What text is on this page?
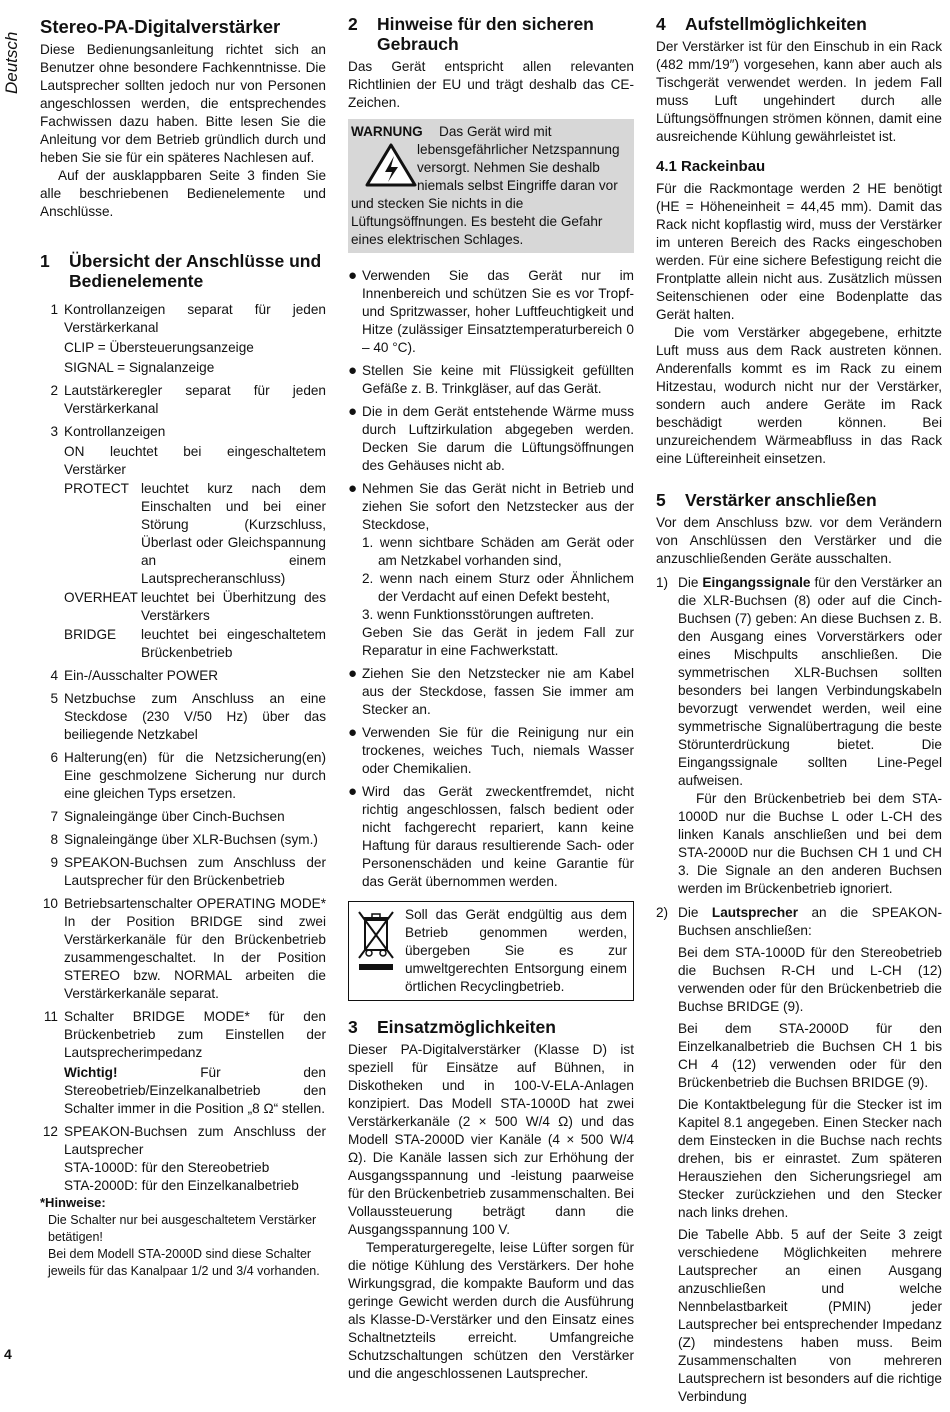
Deutsch
4
Stereo-PA-Digitalverstärker

Diese Bedienungsanleitung richtet sich an Benutzer ohne besondere Fachkenntnisse. Die Lautsprecher sollten jedoch nur von Personen angeschlossen werden, die entsprechendes Fachwissen dazu haben. Bitte lesen Sie die Anleitung vor dem Betrieb gründlich durch und heben Sie sie für ein späteres Nachlesen auf.

Auf der ausklappbaren Seite 3 finden Sie alle beschriebenen Bedienelemente und Anschlüsse.

1	Übersicht der Anschlüsse und Bedienelemente
1 Kontrollanzeigen separat für jeden Verstärkerkanal
CLIP = Übersteuerungsanzeige
SIGNAL = Signalanzeige
2 Lautstärkeregler separat für jeden Verstärkerkanal
3 Kontrollanzeigen
ON leuchtet bei eingeschaltetem Verstärker
PROTECT leuchtet kurz nach dem Einschalten und bei einer Störung (Kurzschluss, Überlast oder Gleichspannung an einem Lautsprecheranschluss)
OVERHEAT leuchtet bei Überhitzung des Verstärkers
BRIDGE	leuchtet bei eingeschaltetem Brückenbetrieb
4 Ein-/Ausschalter POWER
5 Netzbuchse zum Anschluss an eine Steckdose (230 V/50 Hz) über das beiliegende Netzkabel
6 Halterung(en) für die Netzsicherung(en) Eine geschmolzene Sicherung nur durch eine gleichen Typs ersetzen.
7 Signaleingänge über Cinch-Buchsen
8 Signaleingänge über XLR-Buchsen (sym.)
9 SPEAKON-Buchsen zum Anschluss der Lautsprecher für den Brückenbetrieb
10 Betriebsartenschalter OPERATING MODE* In der Position BRIDGE sind zwei Verstärkerkanäle für den Brückenbetrieb zusammengeschaltet. In der Position STEREO bzw. NORMAL arbeiten die Verstärkerkanäle separat.
11 Schalter BRIDGE MODE* für den Brückenbetrieb zum Einstellen der Lautsprecherimpedanz
Wichtig!	Für den Stereobetrieb/Einzelkanalbetrieb den Schalter immer in die Position „8 Ω“ stellen.
12 SPEAKON-Buchsen zum Anschluss der Lautsprecher
STA-1000D: für den Stereobetrieb
STA-2000D: für den Einzelkanalbetrieb
*Hinweise:
Die Schalter nur bei ausgeschaltetem Verstärker betätigen!
Bei dem Modell STA-2000D sind diese Schalter jeweils für das Kanalpaar 1/2 und 3/4 vorhanden.
2	Hinweise für den sicheren Gebrauch

Das Gerät entspricht allen relevanten Richtlinien der EU und trägt deshalb das CE-Zeichen.

WARNUNG	Das Gerät wird mit lebensgefährlicher Netzspannung versorgt. Nehmen Sie deshalb niemals selbst Eingriffe daran vor und stecken Sie nichts in die Lüftungsöffnungen. Es besteht die Gefahr eines elektrischen Schlages.
● Verwenden Sie das Gerät nur im Innenbereich und schützen Sie es vor Tropf- und Spritzwasser, hoher Luftfeuchtigkeit und Hitze (zulässiger Einsatztemperaturbereich 0 – 40 °C).
● Stellen Sie keine mit Flüssigkeit gefüllten Gefäße z. B. Trinkgläser, auf das Gerät.
● Die in dem Gerät entstehende Wärme muss durch Luftzirkulation abgegeben werden. Decken Sie darum die Lüftungsöffnungen des Gehäuses nicht ab.
● Nehmen Sie das Gerät nicht in Betrieb und ziehen Sie sofort den Netzstecker aus der Steckdose,
1. wenn sichtbare Schäden am Gerät oder am Netzkabel vorhanden sind,
2. wenn nach einem Sturz oder Ähnlichem der Verdacht auf einen Defekt besteht,
3. wenn Funktionsstörungen auftreten.
Geben Sie das Gerät in jedem Fall zur Reparatur in eine Fachwerkstatt.
● Ziehen Sie den Netzstecker nie am Kabel aus der Steckdose, fassen Sie immer am Stecker an.
● Verwenden Sie für die Reinigung nur ein trockenes, weiches Tuch, niemals Wasser oder Chemikalien.
● Wird das Gerät zweckentfremdet, nicht richtig angeschlossen, falsch bedient oder nicht fachgerecht repariert, kann keine Haftung für daraus resultierende Sach- oder Personenschäden und keine Garantie für das Gerät übernommen werden.
Soll das Gerät endgültig aus dem Betrieb genommen werden, übergeben Sie es zur umweltgerechten Entsorgung einem örtlichen Recyclingbetrieb.
3	Einsatzmöglichkeiten

Dieser PA-Digitalverstärker (Klasse D) ist speziell für Einsätze auf Bühnen, in Diskotheken und in 100-V-ELA-Anlagen konzipiert. Das Modell STA-1000D hat zwei Verstärkerkanäle (2 × 500 W/4 Ω) und das Modell STA-2000D vier Kanäle (4 × 500 W/4 Ω). Die Kanäle lassen sich zur Erhöhung der Ausgangsspannung und -leistung paarweise für den Brückenbetrieb zusammenschalten. Bei Vollaussteuerung beträgt dann die Ausgangsspannung 100 V.

Temperaturgeregelte, leise Lüfter sorgen für die nötige Kühlung des Verstärkers. Der hohe Wirkungsgrad, die kompakte Bauform und das geringe Gewicht werden durch die Ausführung als Klasse-D-Verstärker und den Einsatz eines Schaltnetzteils erreicht. Umfangreiche Schutzschaltungen schützen den Verstärker und die angeschlossenen Lautsprecher.

4	Aufstellmöglichkeiten

Der Verstärker ist für den Einschub in ein Rack (482 mm/19″) vorgesehen, kann aber auch als Tischgerät verwendet werden. In jedem Fall muss Luft ungehindert durch alle Lüftungsöffnungen strömen können, damit eine ausreichende Kühlung gewährleistet ist.

4.1 Rackeinbau

Für die Rackmontage werden 2 HE benötigt (HE = Höheneinheit = 44,45 mm). Damit das Rack nicht kopflastig wird, muss der Verstärker im unteren Bereich des Racks eingeschoben werden. Für eine sichere Befestigung reicht die Frontplatte allein nicht aus. Zusätzlich müssen Seitenschienen oder eine Bodenplatte das Gerät halten.

Die vom Verstärker abgegebene, erhitzte Luft muss aus dem Rack austreten können. Anderenfalls kommt es im Rack zu einem Hitzestau, wodurch nicht nur der Verstärker, sondern auch andere Geräte im Rack beschädigt werden können. Bei unzureichendem Wärmeabfluss in das Rack eine Lüftereinheit einsetzen.

5	Verstärker anschließen

Vor dem Anschluss bzw. vor dem Verändern von Anschlüssen den Verstärker und die anzuschließenden Geräte ausschalten.

1) Die Eingangssignale für den Verstärker an die XLR-Buchsen (8) oder auf die Cinch-Buchsen (7) geben: An diese Buchsen z. B. den Ausgang eines Vorverstärkers oder eines Mischpults anschließen. Die symmetrischen XLR-Buchsen sollten besonders bei langen Verbindungskabeln bevorzugt verwendet werden, weil eine symmetrische Signalübertragung die beste Störunterdrückung bietet. Die Eingangssignale sollten Line-Pegel aufweisen.
Für den Brückenbetrieb bei dem STA-1000D nur die Buchse L oder L-CH des linken Kanals anschließen und bei dem STA-2000D nur die Buchsen CH 1 und CH 3. Die Signale an den anderen Buchsen werden im Brückenbetrieb ignoriert.
2) Die Lautsprecher an die SPEAKON-Buchsen anschließen:
Bei dem STA-1000D für den Stereobetrieb die Buchsen R-CH und L-CH (12) verwenden oder für den Brückenbetrieb die Buchse BRIDGE (9).
Bei dem STA-2000D für den Einzelkanalbetrieb die Buchsen CH 1 bis CH 4 (12) verwenden oder für den Brückenbetrieb die Buchsen BRIDGE (9).
Die Kontaktbelegung für die Stecker ist im Kapitel 8.1 angegeben. Einen Stecker nach dem Einstecken in die Buchse nach rechts drehen, bis er einrastet. Zum späteren Herausziehen den Sicherungsriegel am Stecker zurückziehen und den Stecker nach links drehen.
Die Tabelle Abb. 5 auf der Seite 3 zeigt verschiedene Möglichkeiten mehrere Lautsprecher an einen Ausgang anzuschließen und welche Nennbelastbarkeit (PMIN) jeder Lautsprecher bei entsprechender Impedanz (Z) mindestens haben muss. Beim Zusammenschalten von mehreren Lautsprechern ist besonders auf die richtige Verbindung
